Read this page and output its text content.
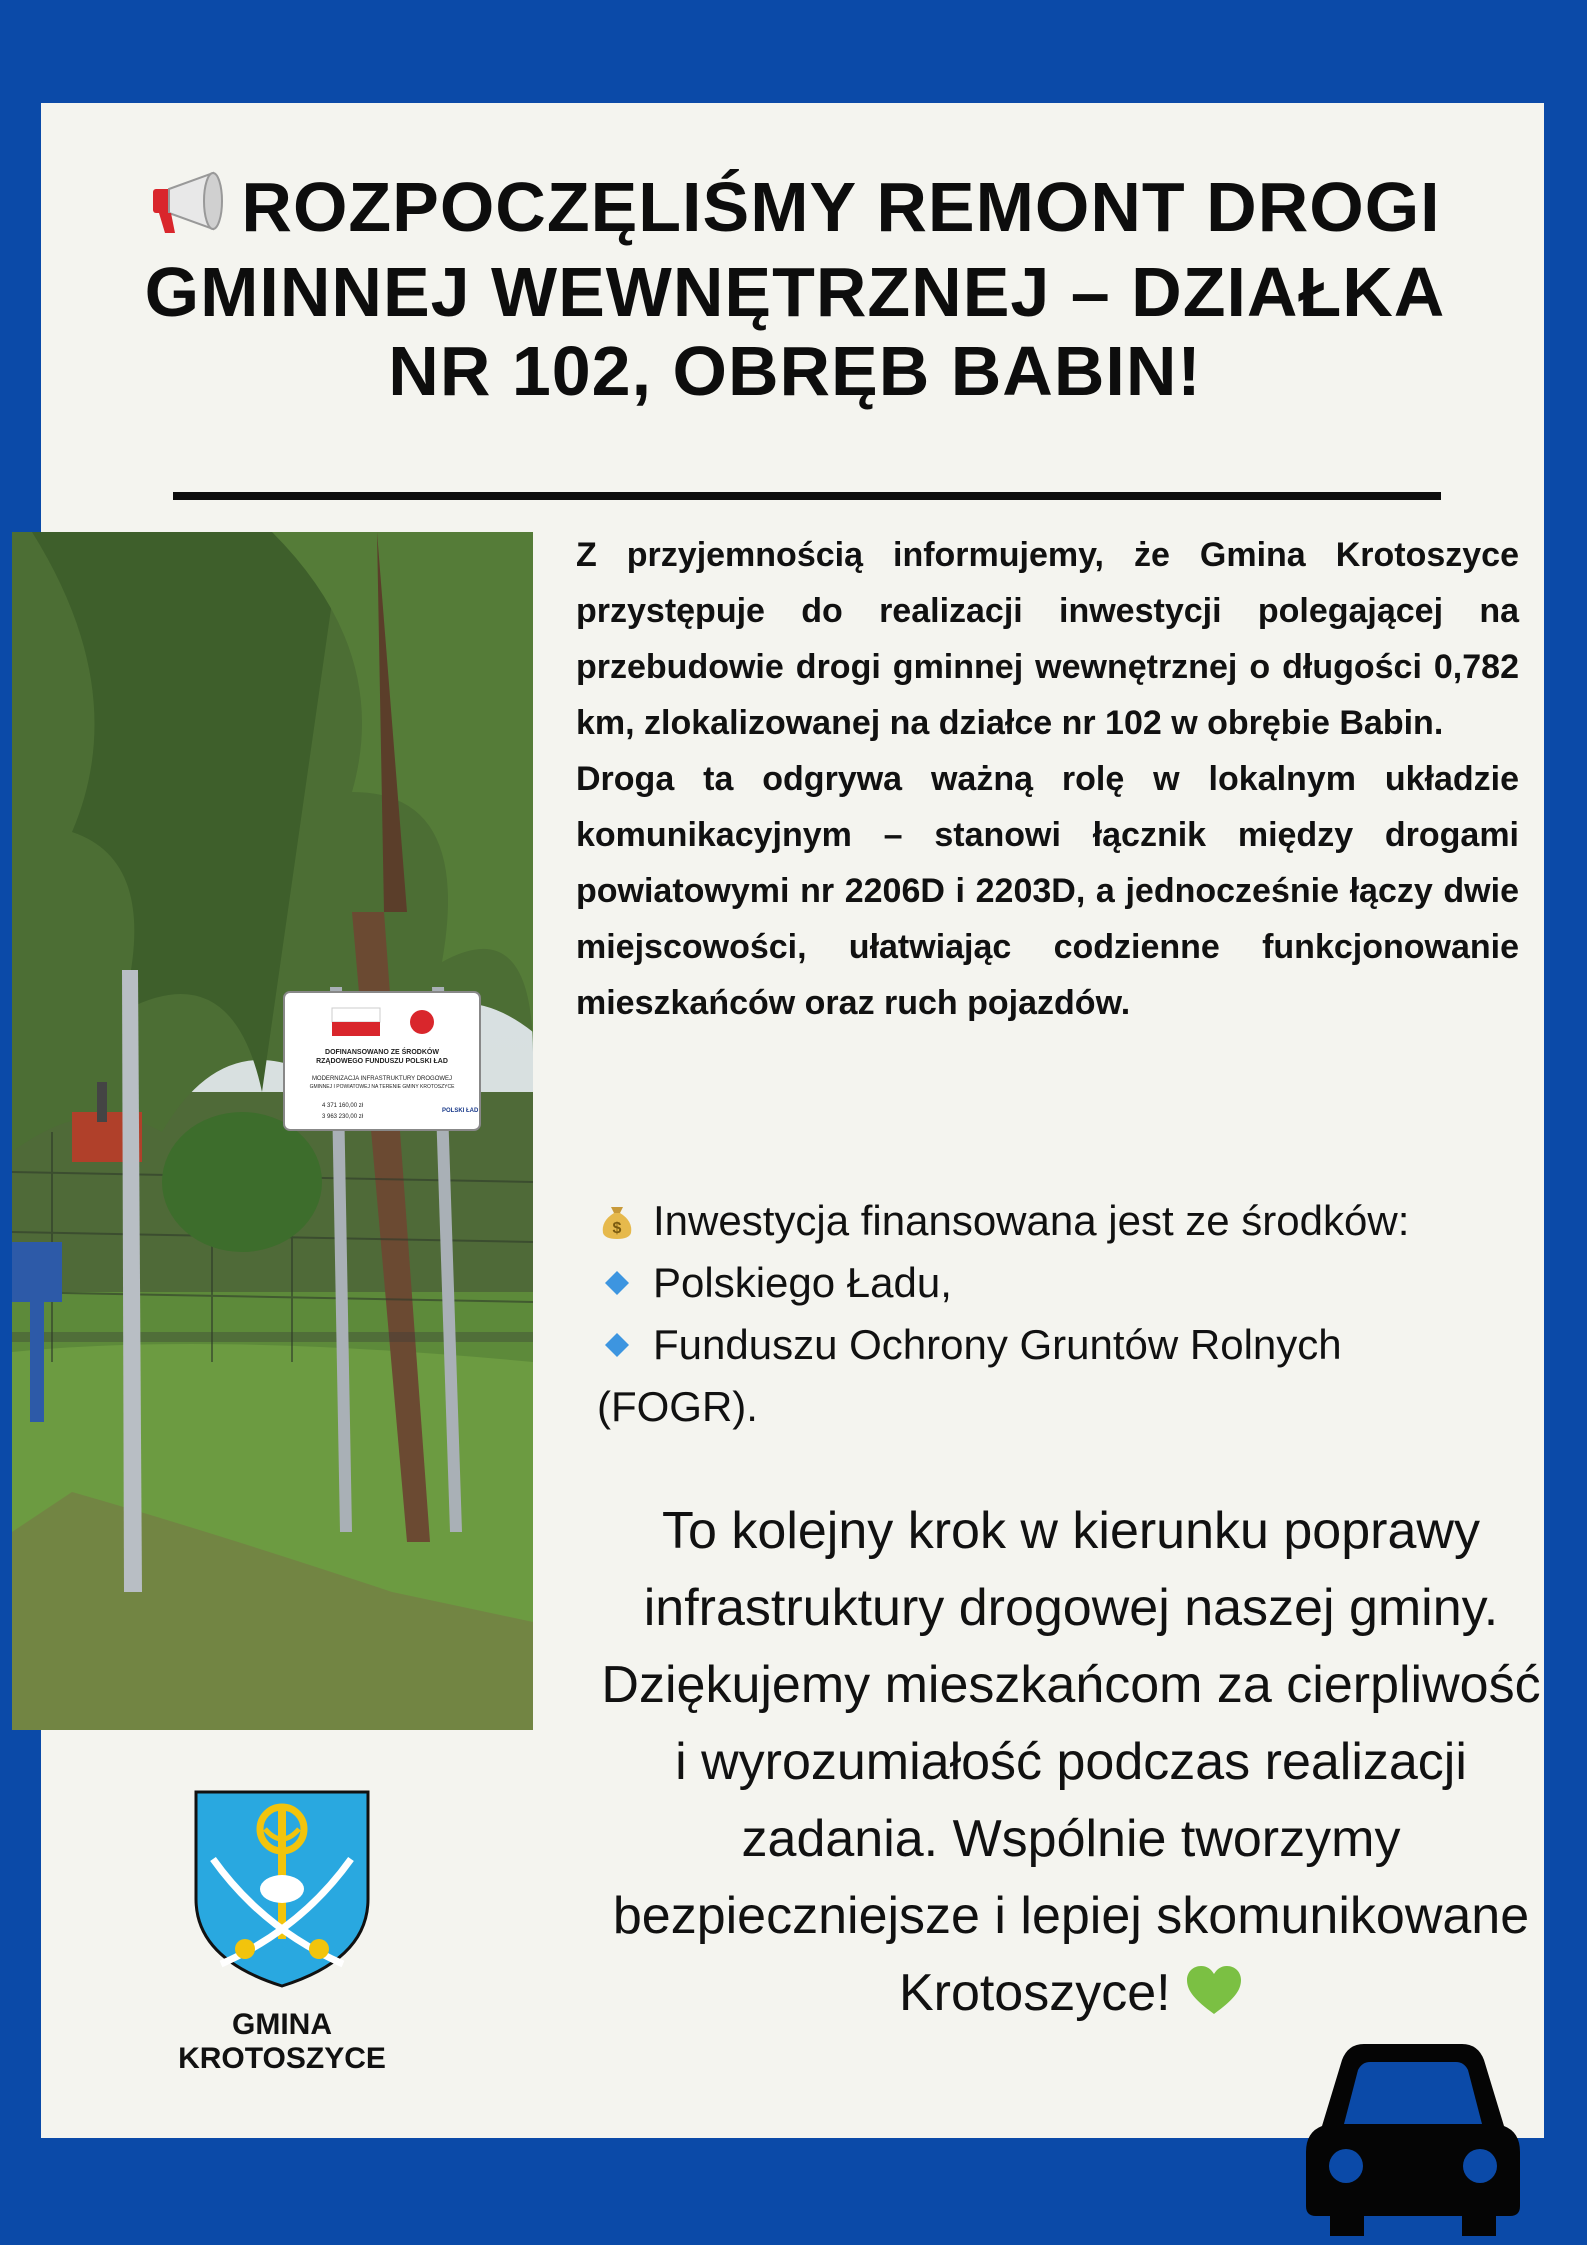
ROZPOCZĘLIŚMY REMONT DROGI GMINNEJ WEWNĘTRZNEJ – DZIAŁKA NR 102, OBRĘB BABIN!
DOFINANSOWANO ZE ŚRODKÓW
RZĄDOWEGO FUNDUSZU POLSKI ŁAD
MODERNIZACJA INFRASTRUKTURY DROGOWEJ
GMINNEJ I POWIATOWEJ NA TERENIE GMINY KROTOSZYCE
4 371 160,00 zł
3 963 230,00 zł
POLSKI ŁAD

Z przyjemnością informujemy, że Gmina Krotoszyce przystępuje do realizacji inwestycji polegającej na przebudowie drogi gminnej wewnętrznej o długości 0,782 km, zlokalizowanej na działce nr 102 w obrębie Babin.

Droga ta odgrywa ważną rolę w lokalnym układzie komunikacyjnym – stanowi łącznik między drogami powiatowymi nr 2206D i 2203D, a jednocześnie łączy dwie miejscowości, ułatwiając codzienne funkcjonowanie mieszkańców oraz ruch pojazdów.

$ Inwestycja finansowana jest ze środków:
Polskiego Ładu,
Funduszu Ochrony Gruntów Rolnych
(FOGR).
To kolejny krok w kierunku poprawy infrastruktury drogowej naszej gminy. Dziękujemy mieszkańcom za cierpliwość i wyrozumiałość podczas realizacji zadania. Wspólnie tworzymy bezpieczniejsze i lepiej skomunikowane Krotoszyce!
GMINA
KROTOSZYCE
